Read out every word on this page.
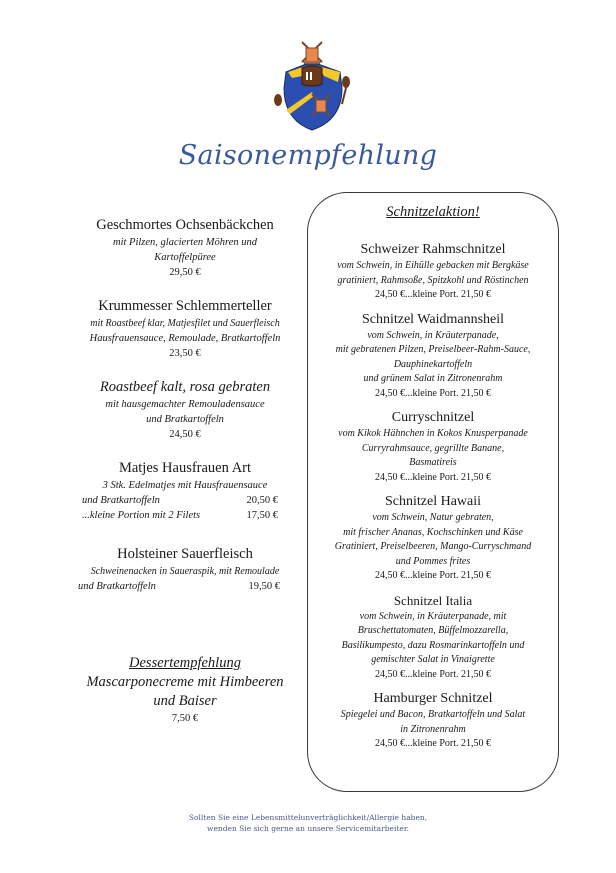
Saisonempfehlung
Geschmortes Ochsenbäckchen
mit Pilzen, glacierten Möhren und
Kartoffelpüree
29,50 €
Krummesser Schlemmerteller
mit Roastbeef klar, Matjesfilet und Sauerfleisch
Hausfrauensauce, Remoulade, Bratkartoffeln
23,50 €
Roastbeef kalt, rosa gebraten
mit hausgemachter Remouladensauce
und Bratkartoffeln
24,50 €
Matjes Hausfrauen Art
3 Stk. Edelmatjes mit Hausfrauensauce
und Bratkartoffeln	20,50 €
...kleine Portion mit 2 Filets	17,50 €
Holsteiner Sauerfleisch
Schweinenacken in Saueraspik, mit Remoulade
und Bratkartoffeln	19,50 €
Dessertempfehlung
Mascarponecreme mit Himbeeren
und Baiser
7,50 €
Schnitzelaktion!
Schweizer Rahmschnitzel
vom Schwein, in Eihülle gebacken mit Bergkäse
gratiniert, Rahmsoße, Spitzkohl und Röstinchen
24,50 €...kleine Port. 21,50 €
Schnitzel Waidmannsheil
vom Schwein, in Kräuterpanade,
mit gebratenen Pilzen, Preiselbeer-Rahm-Sauce,
Dauphinekartoffeln
und grünem Salat in Zitronenrahm
24,50 €...kleine Port. 21,50 €
Curryschnitzel
vom Kikok Hähnchen in Kokos Knusperpanade
Curryrahmsauce, gegrillte Banane,
Basmatireis
24,50 €...kleine Port. 21,50 €
Schnitzel Hawaii
vom Schwein, Natur gebraten,
mit frischer Ananas, Kochschinken und Käse
Gratiniert, Preiselbeeren, Mango-Curryschmand
und Pommes frites
24,50 €...kleine Port. 21,50 €
Schnitzel Italia
vom Schwein, in Kräuterpanade, mit
Bruschettatomaten, Büffelmozzarella,
Basilikumpesto, dazu Rosmarinkartoffeln und
gemischter Salat in Vinaigrette
24,50 €...kleine Port. 21,50 €
Hamburger Schnitzel
Spiegelei und Bacon, Bratkartoffeln und Salat
in Zitronenrahm
24,50 €...kleine Port. 21,50 €
Sollten Sie eine Lebensmittelunverträglichkeit/Allergie haben,
wenden Sie sich gerne an unsere Servicemitarbeiter.
